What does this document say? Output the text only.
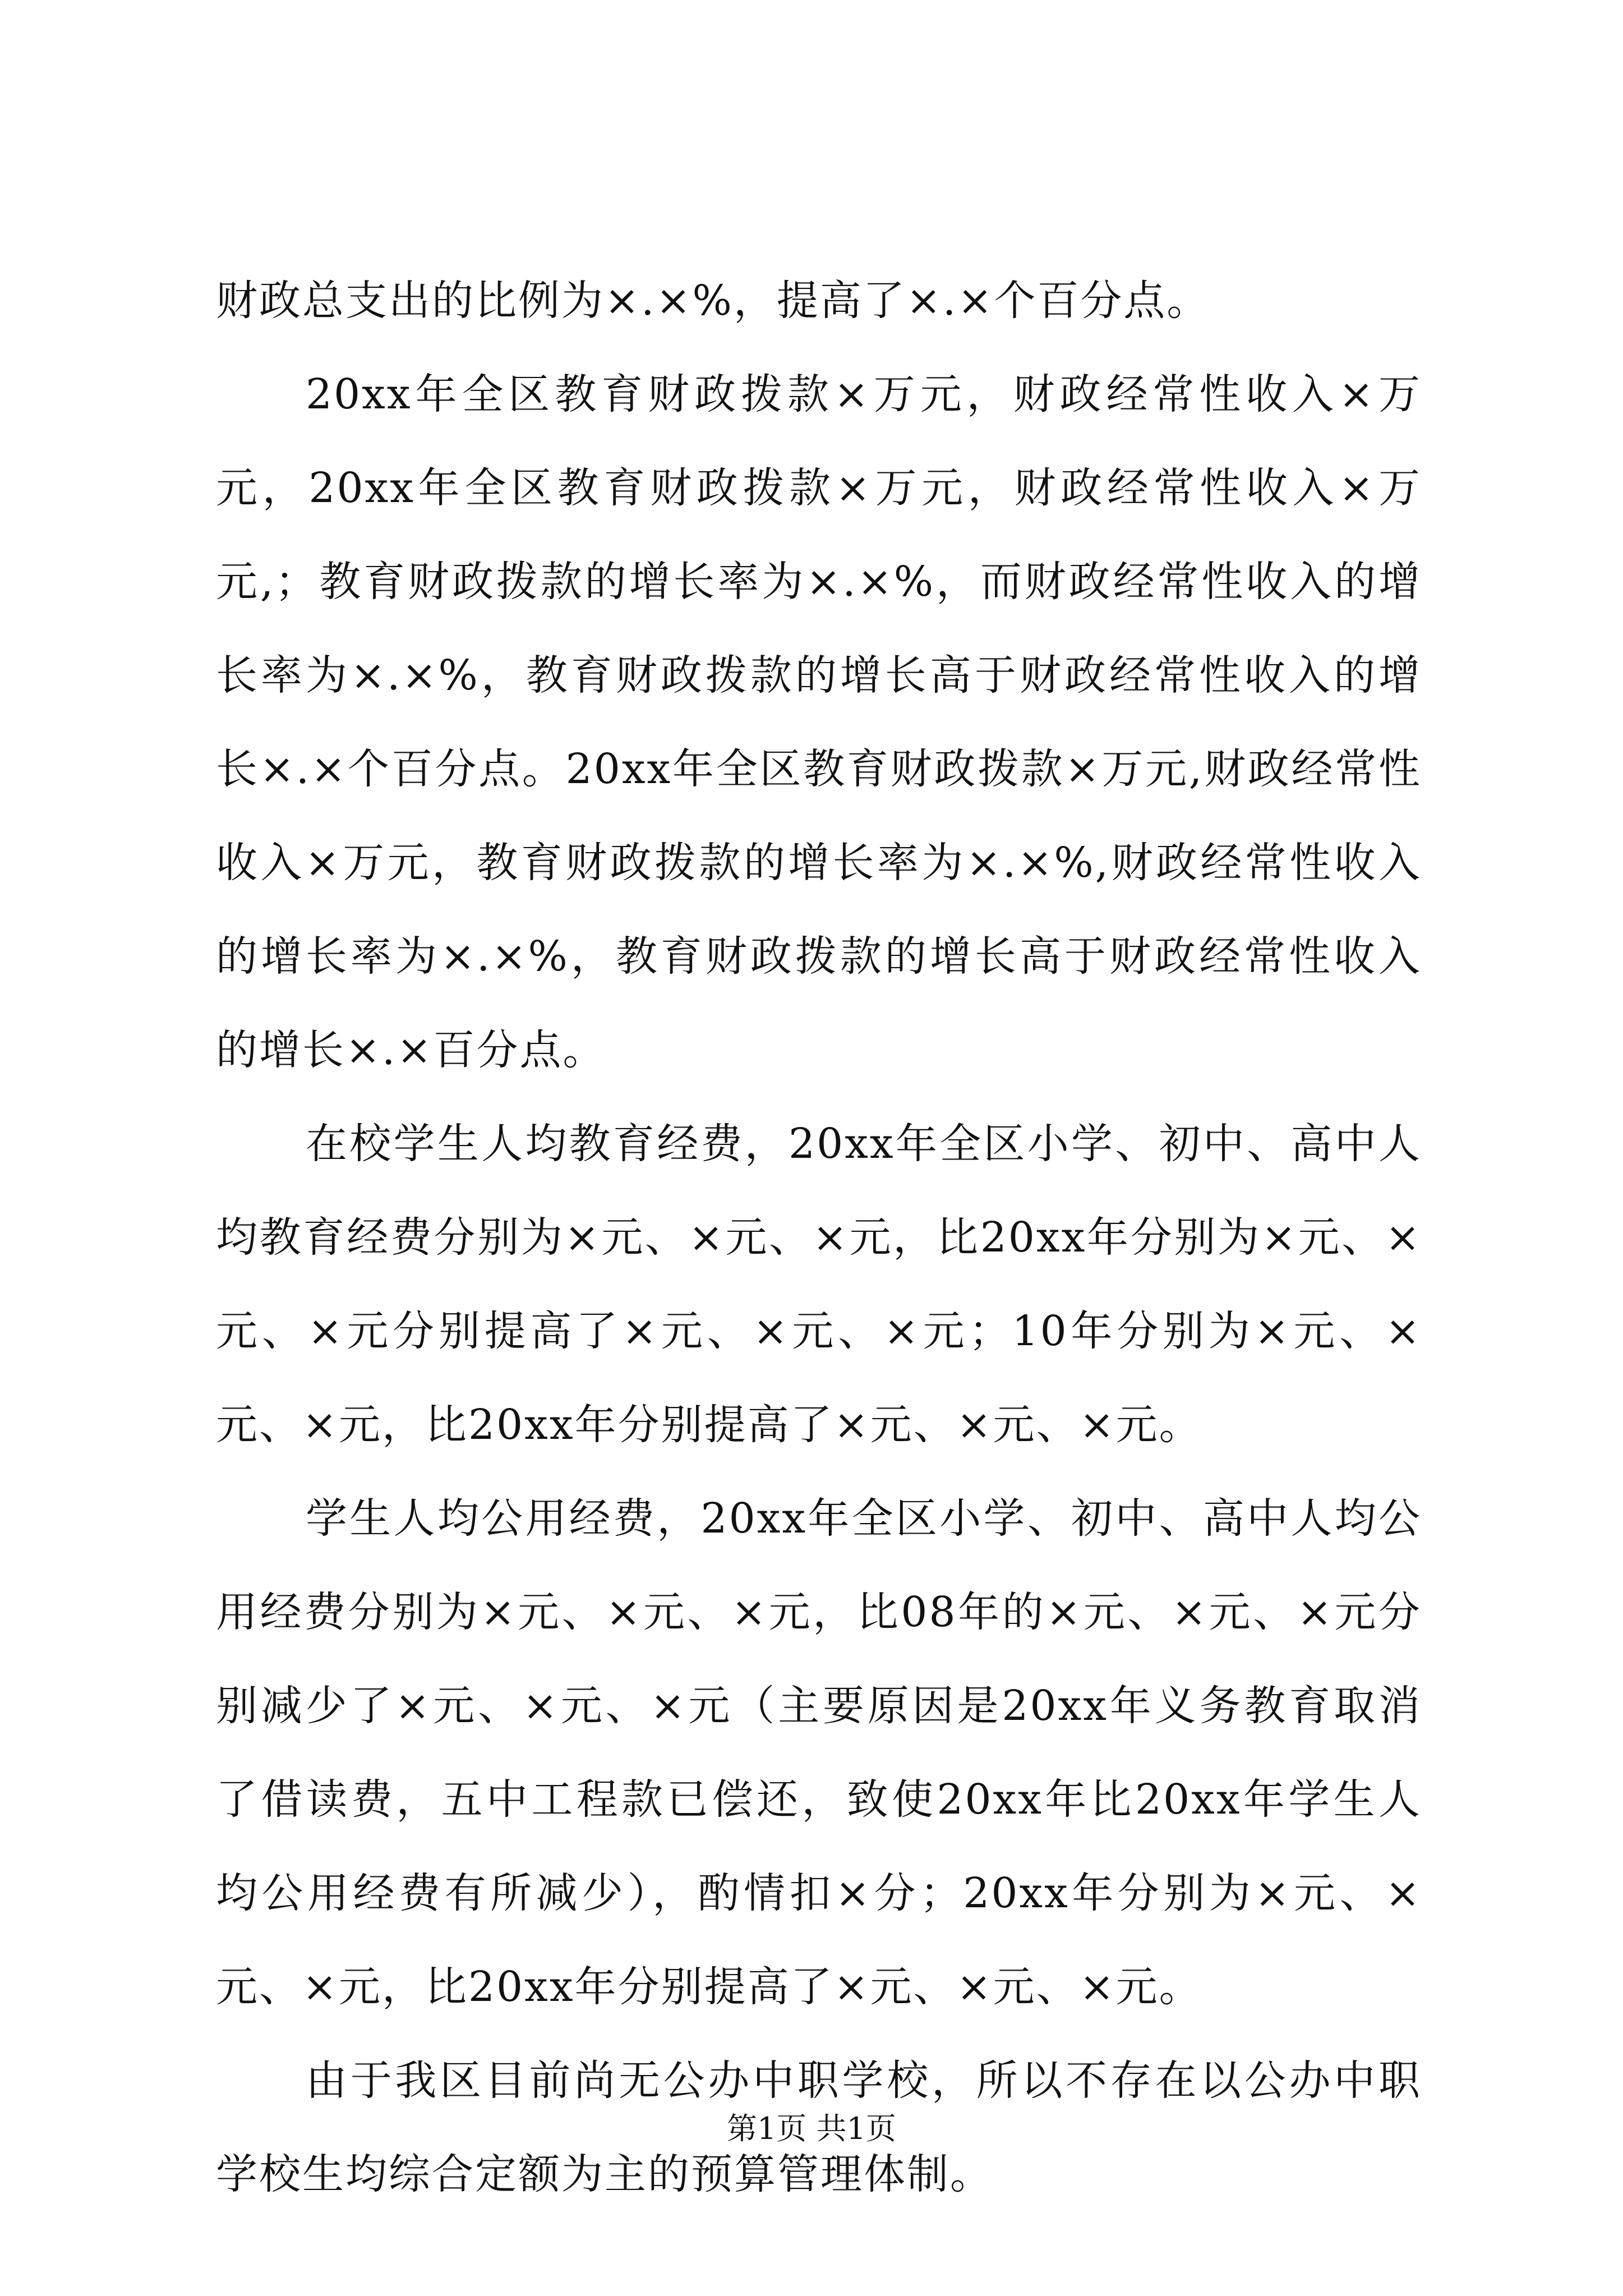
财政总支出的比例为×.×%，提高了×.×个百分点。

20xx年全区教育财政拨款×万元，财政经常性收入×万元，20xx年全区教育财政拨款×万元，财政经常性收入×万元,；教育财政拨款的增长率为×.×%，而财政经常性收入的增长率为×.×%，教育财政拨款的增长高于财政经常性收入的增长×.×个百分点。20xx年全区教育财政拨款×万元,财政经常性收入×万元，教育财政拨款的增长率为×.×%,财政经常性收入的增长率为×.×%，教育财政拨款的增长高于财政经常性收入的增长×.×百分点。

在校学生人均教育经费，20xx年全区小学、初中、高中人均教育经费分别为×元、×元、×元，比20xx年分别为×元、×元、×元分别提高了×元、×元、×元；10年分别为×元、×元、×元，比20xx年分别提高了×元、×元、×元。

学生人均公用经费，20xx年全区小学、初中、高中人均公用经费分别为×元、×元、×元，比08年的×元、×元、×元分别减少了×元、×元、×元（主要原因是20xx年义务教育取消了借读费，五中工程款已偿还，致使20xx年比20xx年学生人均公用经费有所减少），酌情扣×分；20xx年分别为×元、×元、×元，比20xx年分别提高了×元、×元、×元。

由于我区目前尚无公办中职学校，所以不存在以公办中职学校生均综合定额为主的预算管理体制。

第1页 共1页
